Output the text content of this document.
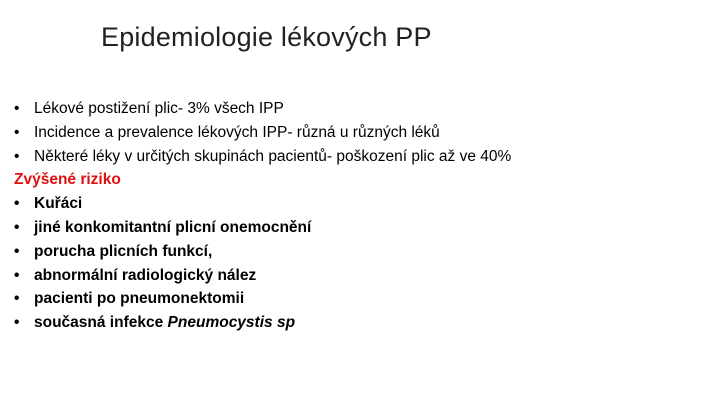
Epidemiologie lékových PP
• Lékové postižení plic- 3% všech IPP
• Incidence a prevalence lékových IPP- různá u různých léků
• Některé léky v určitých skupinách pacientů- poškození plic až ve 40%
Zvýšené riziko
• Kuřáci
• jiné konkomitantní plicní onemocnění
• porucha plicních funkcí,
• abnormální radiologický nález
• pacienti po pneumonektomii
• současná infekce Pneumocystis sp
